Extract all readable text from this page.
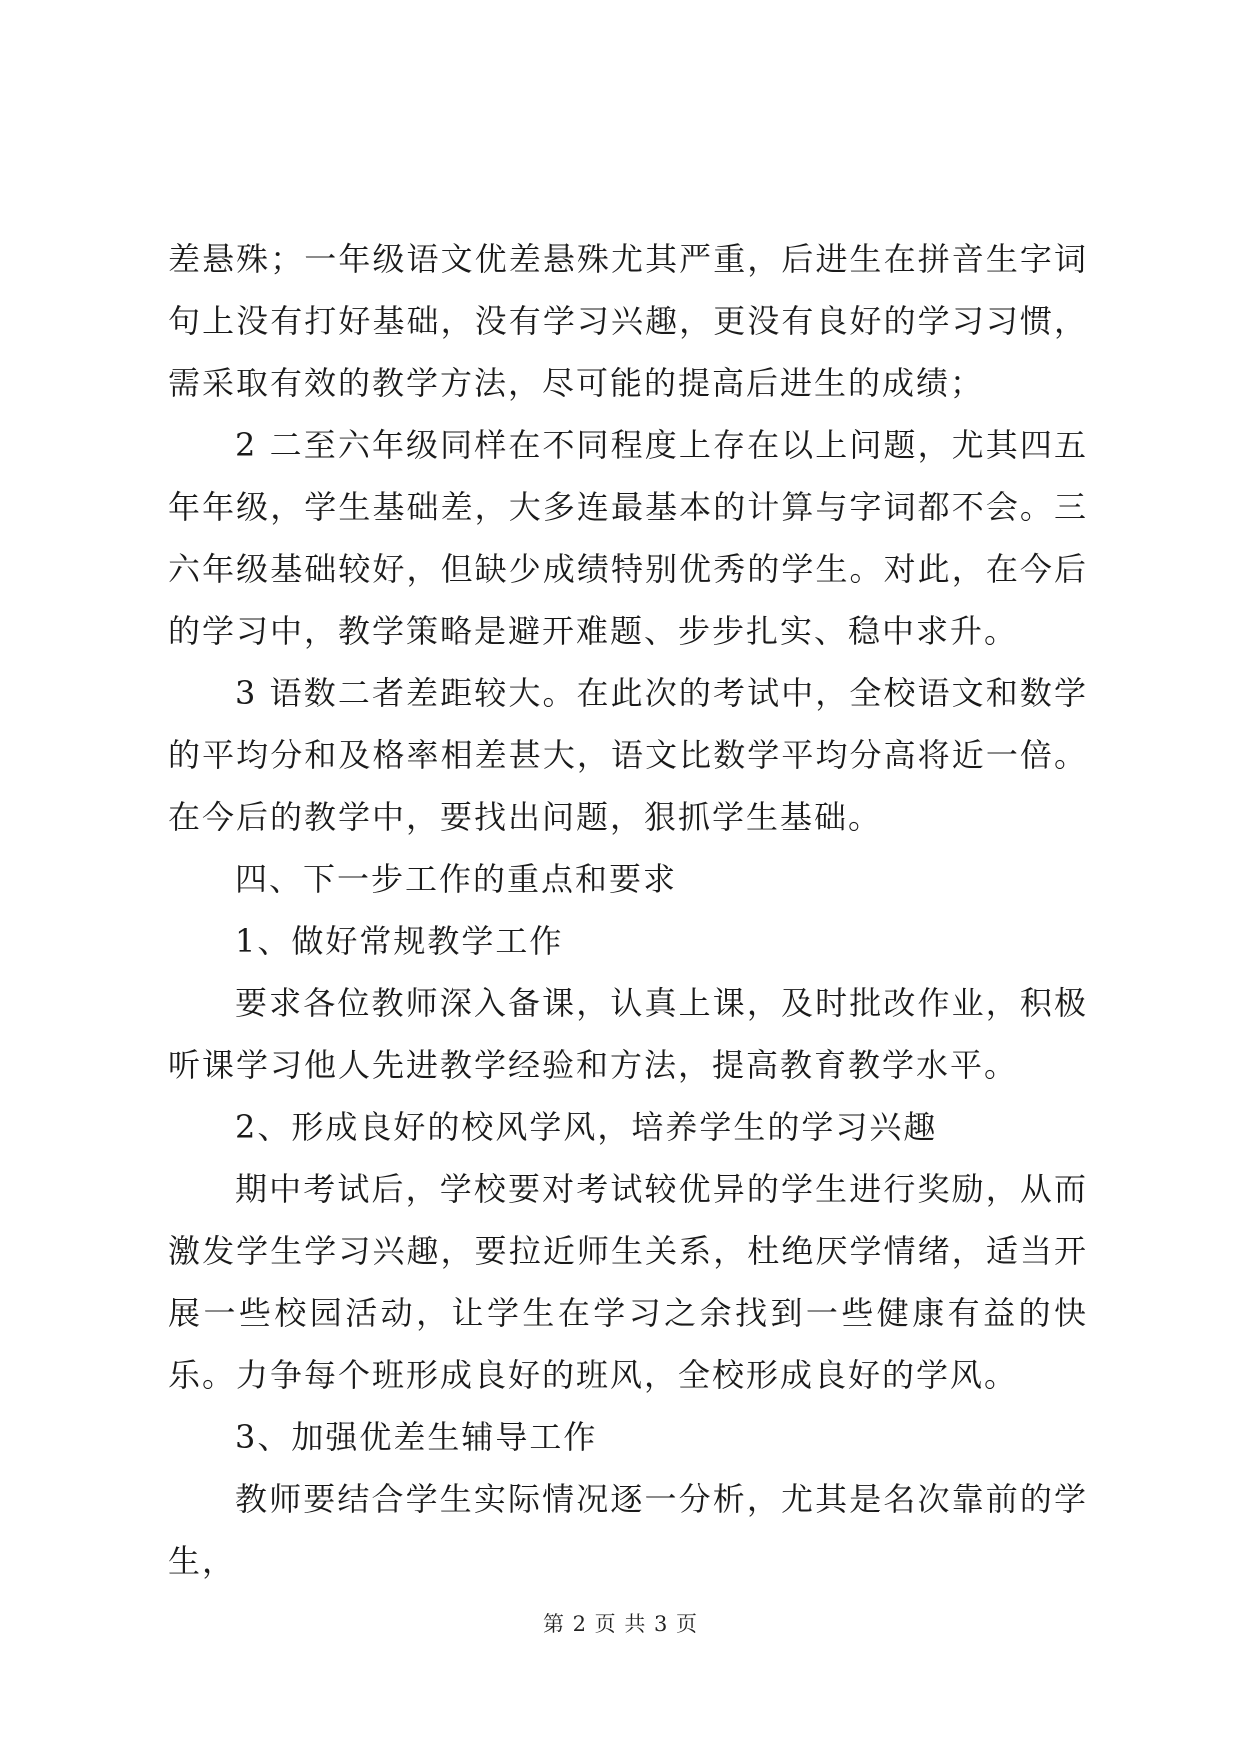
差悬殊；一年级语文优差悬殊尤其严重，后进生在拼音生字词句上没有打好基础，没有学习兴趣，更没有良好的学习习惯，需采取有效的教学方法，尽可能的提高后进生的成绩；

2 二至六年级同样在不同程度上存在以上问题，尤其四五年年级，学生基础差，大多连最基本的计算与字词都不会。三六年级基础较好，但缺少成绩特别优秀的学生。对此，在今后的学习中，教学策略是避开难题、步步扎实、稳中求升。

3 语数二者差距较大。在此次的考试中，全校语文和数学的平均分和及格率相差甚大，语文比数学平均分高将近一倍。在今后的教学中，要找出问题，狠抓学生基础。

四、下一步工作的重点和要求

1、做好常规教学工作

要求各位教师深入备课，认真上课，及时批改作业，积极听课学习他人先进教学经验和方法，提高教育教学水平。

2、形成良好的校风学风，培养学生的学习兴趣

期中考试后，学校要对考试较优异的学生进行奖励，从而激发学生学习兴趣，要拉近师生关系，杜绝厌学情绪，适当开展一些校园活动，让学生在学习之余找到一些健康有益的快乐。力争每个班形成良好的班风，全校形成良好的学风。

3、加强优差生辅导工作

教师要结合学生实际情况逐一分析，尤其是名次靠前的学生，

第 2 页 共 3 页
